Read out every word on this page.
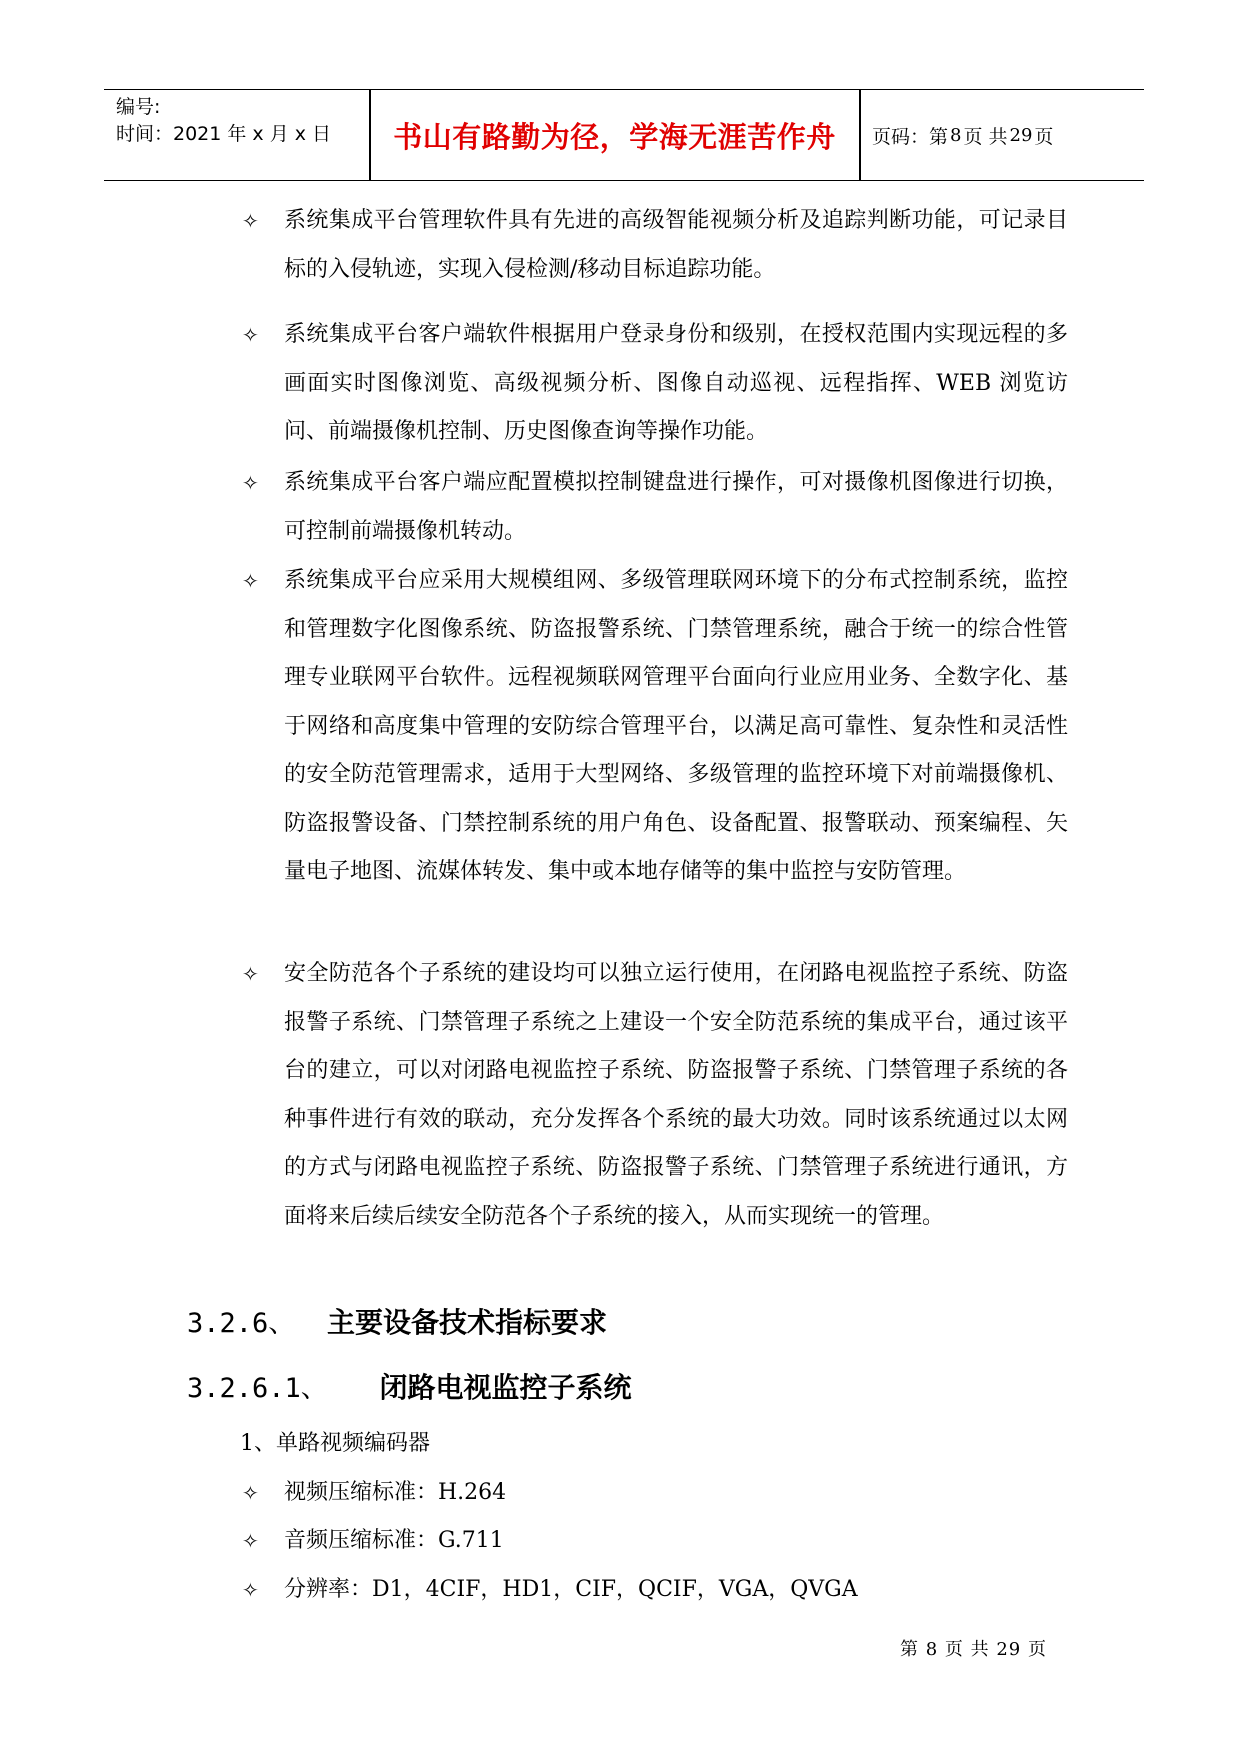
编号:
时间：2021 年 x 月 x 日	书山有路勤为径，学海无涯苦作舟	页码：第 8 页 共 29 页
✧ 系统集成平台管理软件具有先进的高级智能视频分析及追踪判断功能，可记录目标的入侵轨迹，实现入侵检测/移动目标追踪功能。
✧ 系统集成平台客户端软件根据用户登录身份和级别，在授权范围内实现远程的多画面实时图像浏览、高级视频分析、图像自动巡视、远程指挥、WEB 浏览访问、前端摄像机控制、历史图像查询等操作功能。
✧ 系统集成平台客户端应配置模拟控制键盘进行操作，可对摄像机图像进行切换，可控制前端摄像机转动。
✧ 系统集成平台应采用大规模组网、多级管理联网环境下的分布式控制系统，监控和管理数字化图像系统、防盗报警系统、门禁管理系统，融合于统一的综合性管理专业联网平台软件。远程视频联网管理平台面向行业应用业务、全数字化、基于网络和高度集中管理的安防综合管理平台，以满足高可靠性、复杂性和灵活性的安全防范管理需求，适用于大型网络、多级管理的监控环境下对前端摄像机、防盗报警设备、门禁控制系统的用户角色、设备配置、报警联动、预案编程、矢量电子地图、流媒体转发、集中或本地存储等的集中监控与安防管理。
✧ 安全防范各个子系统的建设均可以独立运行使用，在闭路电视监控子系统、防盗报警子系统、门禁管理子系统之上建设一个安全防范系统的集成平台，通过该平台的建立，可以对闭路电视监控子系统、防盗报警子系统、门禁管理子系统的各种事件进行有效的联动，充分发挥各个系统的最大功效。同时该系统通过以太网的方式与闭路电视监控子系统、防盗报警子系统、门禁管理子系统进行通讯，方面将来后续后续安全防范各个子系统的接入，从而实现统一的管理。
3.2.6、 主要设备技术指标要求
3.2.6.1、 闭路电视监控子系统
1、单路视频编码器
✧ 视频压缩标准：H.264
✧ 音频压缩标准：G.711
✧ 分辨率：D1，4CIF，HD1，CIF，QCIF，VGA，QVGA
第 8 页 共 29 页
